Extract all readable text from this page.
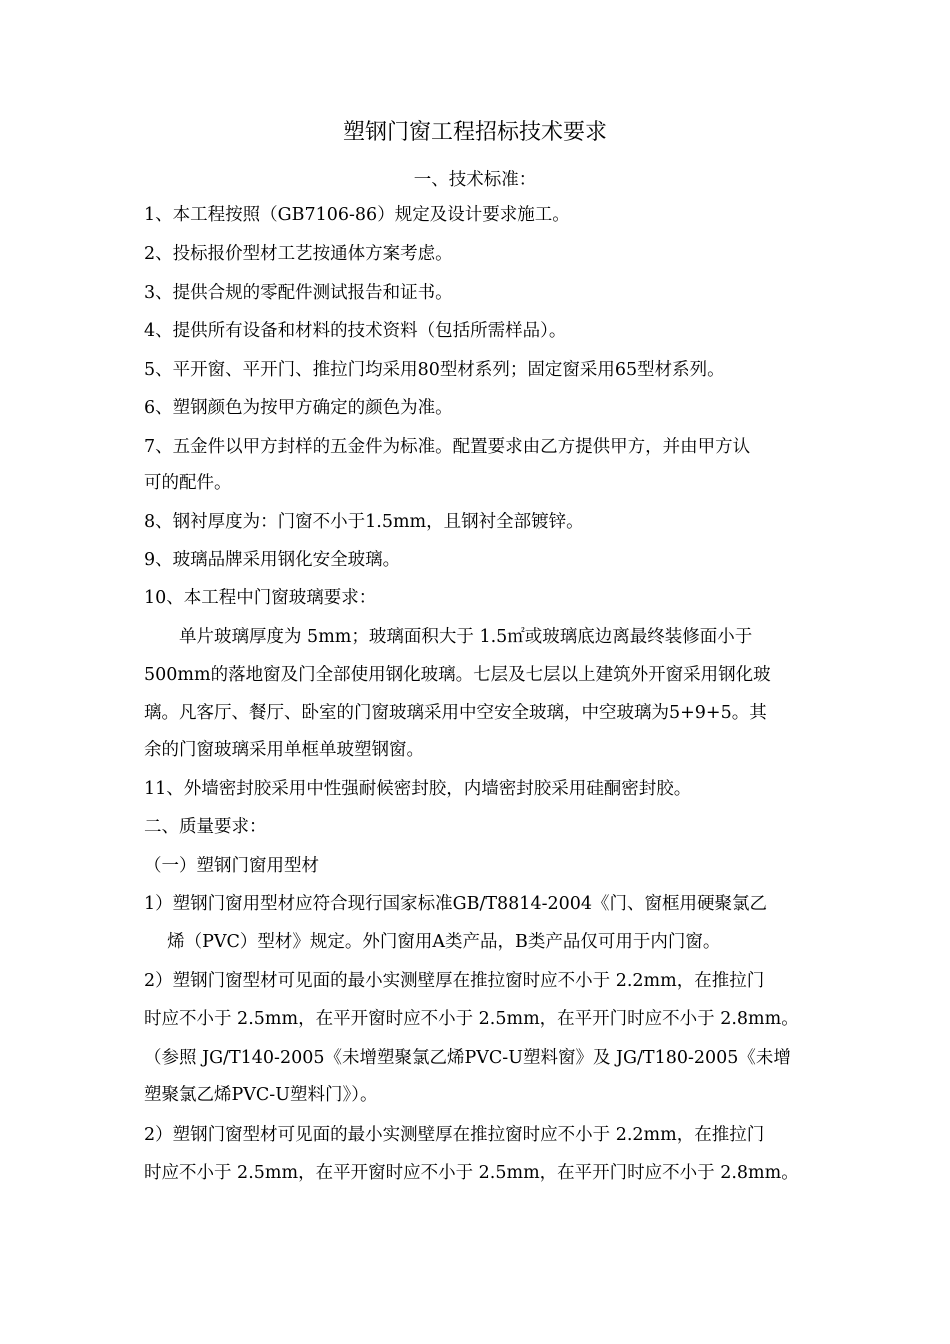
塑钢门窗工程招标技术要求
一、技术标准：
1、本工程按照（GB7106-86）规定及设计要求施工。
2、投标报价型材工艺按通体方案考虑。
3、提供合规的零配件测试报告和证书。
4、提供所有设备和材料的技术资料（包括所需样品）。
5、平开窗、平开门、推拉门均采用80型材系列；固定窗采用65型材系列。
6、塑钢颜色为按甲方确定的颜色为准。
7、五金件以甲方封样的五金件为标准。配置要求由乙方提供甲方，并由甲方认
可的配件。
8、钢衬厚度为：门窗不小于1.5mm，且钢衬全部镀锌。
9、玻璃品牌采用钢化安全玻璃。
10、本工程中门窗玻璃要求：
　　单片玻璃厚度为 5mm；玻璃面积大于 1.5㎡或玻璃底边离最终装修面小于
500mm的落地窗及门全部使用钢化玻璃。七层及七层以上建筑外开窗采用钢化玻
璃。凡客厅、餐厅、卧室的门窗玻璃采用中空安全玻璃，中空玻璃为5+9+5。其
余的门窗玻璃采用单框单玻塑钢窗。
11、外墙密封胶采用中性强耐候密封胶，内墙密封胶采用硅酮密封胶。
二、质量要求：
（一）塑钢门窗用型材
1）塑钢门窗用型材应符合现行国家标准GB/T8814-2004《门、窗框用硬聚氯乙
　 烯（PVC）型材》规定。外门窗用A类产品，B类产品仅可用于内门窗。
2）塑钢门窗型材可见面的最小实测壁厚在推拉窗时应不小于 2.2mm，在推拉门
时应不小于 2.5mm，在平开窗时应不小于 2.5mm，在平开门时应不小于 2.8mm。
（参照 JG/T140-2005《未增塑聚氯乙烯PVC-U塑料窗》及 JG/T180-2005《未增
塑聚氯乙烯PVC-U塑料门》）。
2）塑钢门窗型材可见面的最小实测壁厚在推拉窗时应不小于 2.2mm，在推拉门
时应不小于 2.5mm，在平开窗时应不小于 2.5mm，在平开门时应不小于 2.8mm。
